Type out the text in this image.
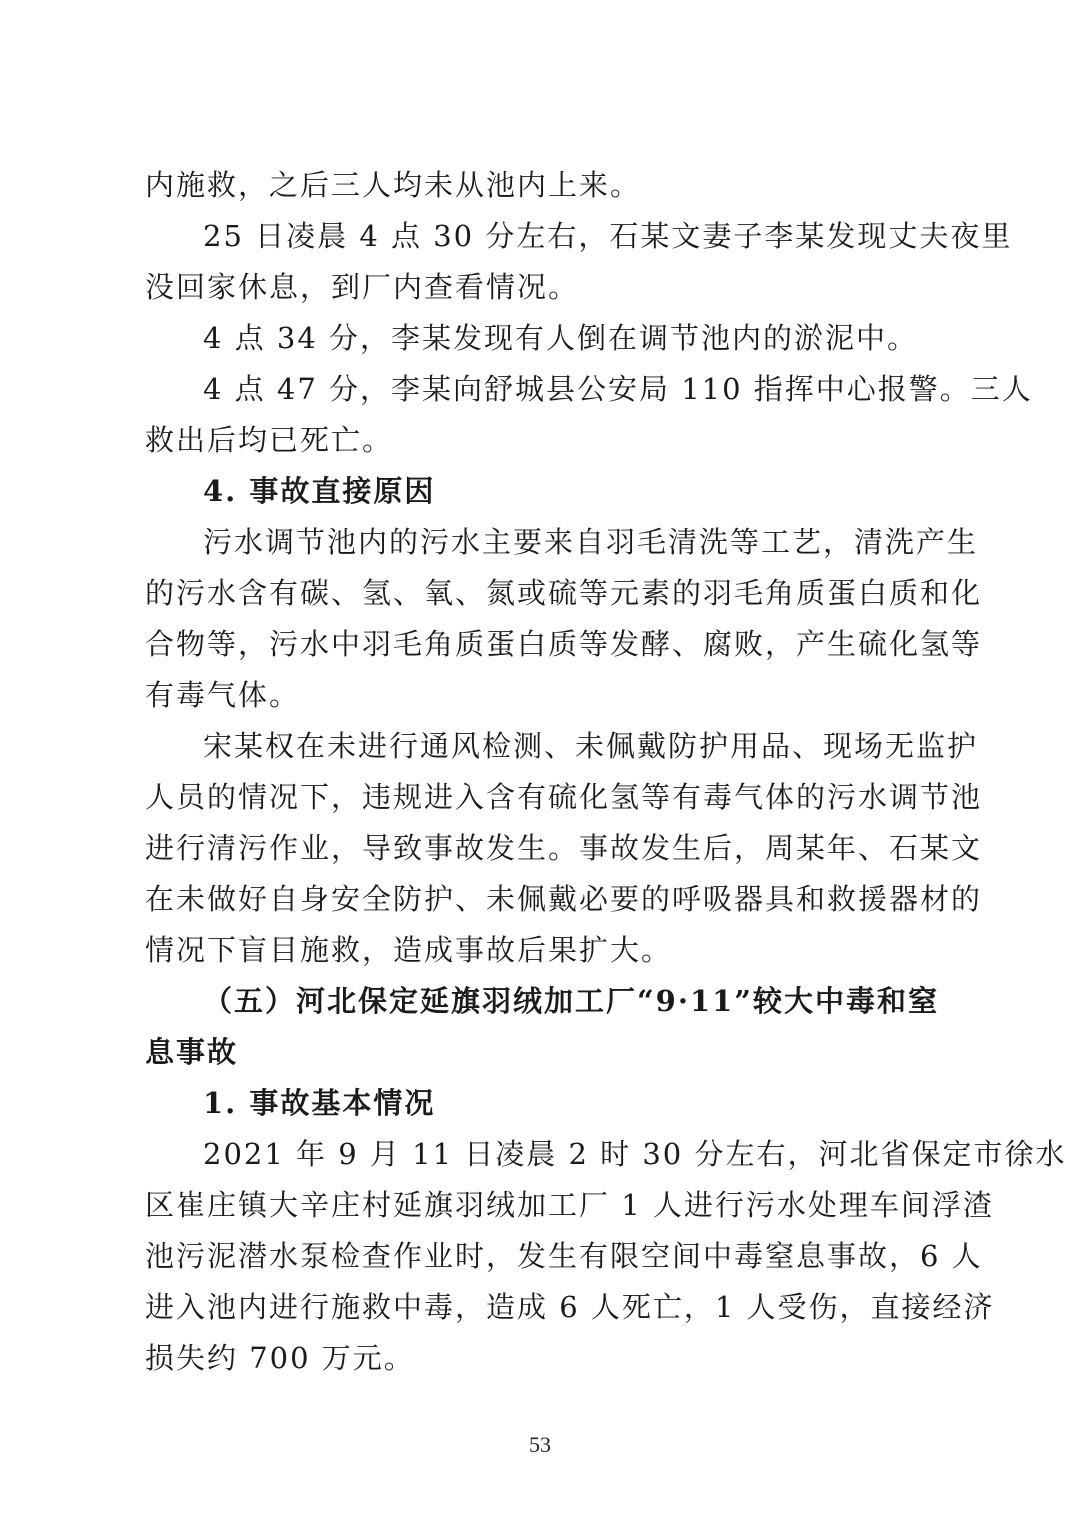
内施救，之后三人均未从池内上来。
25 日凌晨 4 点 30 分左右，石某文妻子李某发现丈夫夜里
没回家休息，到厂内查看情况。
4 点 34 分，李某发现有人倒在调节池内的淤泥中。
4 点 47 分，李某向舒城县公安局 110 指挥中心报警。三人
救出后均已死亡。
4. 事故直接原因
污水调节池内的污水主要来自羽毛清洗等工艺，清洗产生
的污水含有碳、氢、氧、氮或硫等元素的羽毛角质蛋白质和化
合物等，污水中羽毛角质蛋白质等发酵、腐败，产生硫化氢等
有毒气体。
宋某权在未进行通风检测、未佩戴防护用品、现场无监护
人员的情况下，违规进入含有硫化氢等有毒气体的污水调节池
进行清污作业，导致事故发生。事故发生后，周某年、石某文
在未做好自身安全防护、未佩戴必要的呼吸器具和救援器材的
情况下盲目施救，造成事故后果扩大。
（五）河北保定延旗羽绒加工厂“9·11”较大中毒和窒
息事故
1. 事故基本情况
2021 年 9 月 11 日凌晨 2 时 30 分左右，河北省保定市徐水
区崔庄镇大辛庄村延旗羽绒加工厂 1 人进行污水处理车间浮渣
池污泥潜水泵检查作业时，发生有限空间中毒窒息事故，6 人
进入池内进行施救中毒，造成 6 人死亡，1 人受伤，直接经济
损失约 700 万元。
53
